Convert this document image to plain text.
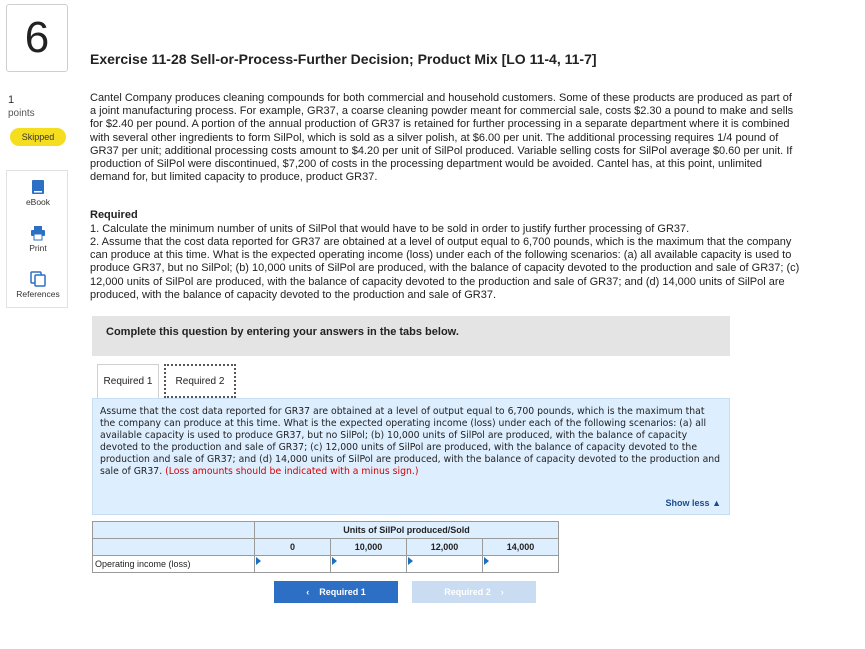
6
1
points
Skipped
eBook
Print
References
Exercise 11-28 Sell-or-Process-Further Decision; Product Mix [LO 11-4, 11-7]
Cantel Company produces cleaning compounds for both commercial and household customers. Some of these products are produced as part of a joint manufacturing process. For example, GR37, a coarse cleaning powder meant for commercial sale, costs $2.30 a pound to make and sells for $2.40 per pound. A portion of the annual production of GR37 is retained for further processing in a separate department where it is combined with several other ingredients to form SilPol, which is sold as a silver polish, at $6.00 per unit. The additional processing requires 1/4 pound of GR37 per unit; additional processing costs amount to $4.20 per unit of SilPol produced. Variable selling costs for SilPol average $0.60 per unit. If production of SilPol were discontinued, $7,200 of costs in the processing department would be avoided. Cantel has, at this point, unlimited demand for, but limited capacity to produce, product GR37.
Required
1. Calculate the minimum number of units of SilPol that would have to be sold in order to justify further processing of GR37.
2. Assume that the cost data reported for GR37 are obtained at a level of output equal to 6,700 pounds, which is the maximum that the company can produce at this time. What is the expected operating income (loss) under each of the following scenarios: (a) all available capacity is used to produce GR37, but no SilPol; (b) 10,000 units of SilPol are produced, with the balance of capacity devoted to the production and sale of GR37; (c) 12,000 units of SilPol are produced, with the balance of capacity devoted to the production and sale of GR37; and (d) 14,000 units of SilPol are produced, with the balance of capacity devoted to the production and sale of GR37.
Complete this question by entering your answers in the tabs below.
Required 1	Required 2
Assume that the cost data reported for GR37 are obtained at a level of output equal to 6,700 pounds, which is the maximum that the company can produce at this time. What is the expected operating income (loss) under each of the following scenarios: (a) all available capacity is used to produce GR37, but no SilPol; (b) 10,000 units of SilPol are produced, with the balance of capacity devoted to the production and sale of GR37; (c) 12,000 units of SilPol are produced, with the balance of capacity devoted to the production and sale of GR37; and (d) 14,000 units of SilPol are produced, with the balance of capacity devoted to the production and sale of GR37. (Loss amounts should be indicated with a minus sign.)
Show less ▲
	Units of SilPol produced/Sold			
	0	10,000	12,000	14,000
Operating income (loss)	

‹ Required 1	Required 2 ›
